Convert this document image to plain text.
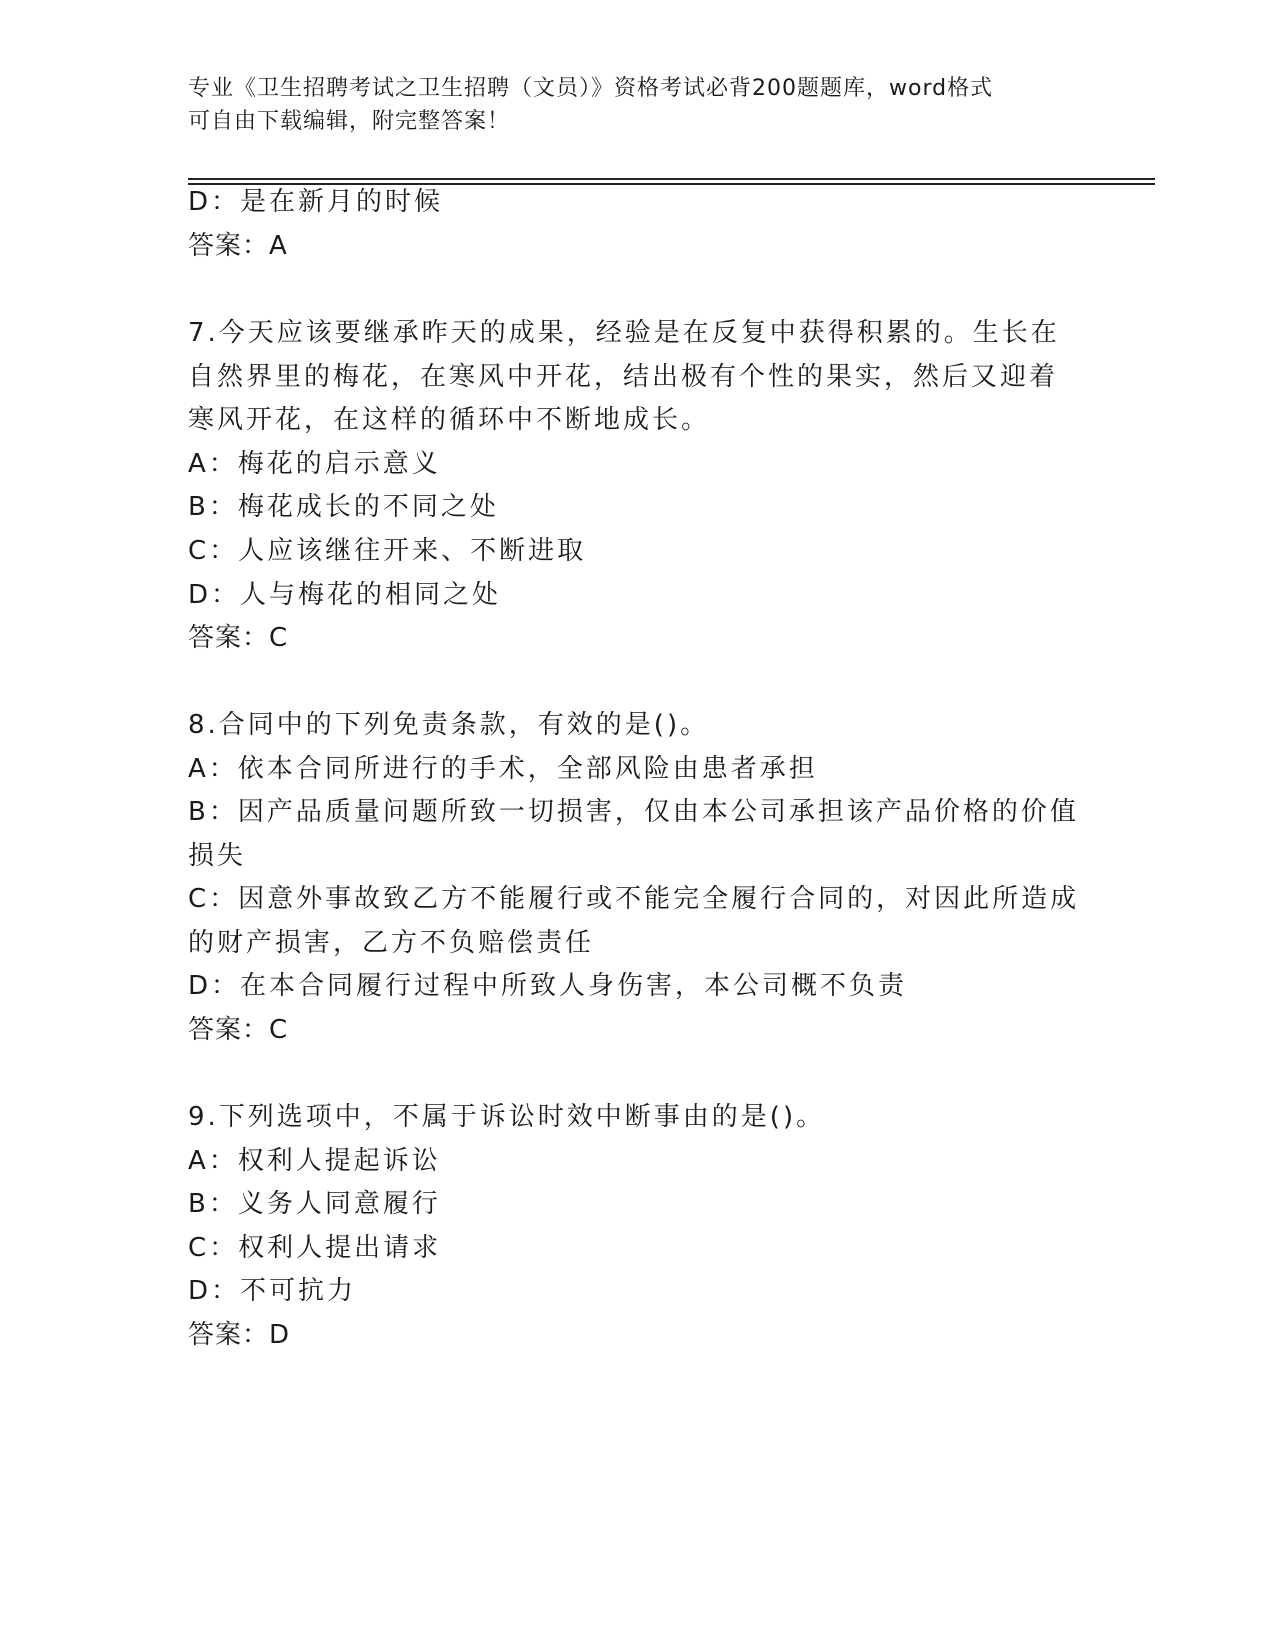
专业《卫生招聘考试之卫生招聘（文员）》资格考试必背200题题库，word格式
可自由下载编辑，附完整答案！
D：是在新月的时候
答案：A
7.今天应该要继承昨天的成果，经验是在反复中获得积累的。生长在
自然界里的梅花，在寒风中开花，结出极有个性的果实，然后又迎着
寒风开花，在这样的循环中不断地成长。
A：梅花的启示意义
B：梅花成长的不同之处
C：人应该继往开来、不断进取
D：人与梅花的相同之处
答案：C
8.合同中的下列免责条款，有效的是()。
A：依本合同所进行的手术，全部风险由患者承担
B：因产品质量问题所致一切损害，仅由本公司承担该产品价格的价值
损失
C：因意外事故致乙方不能履行或不能完全履行合同的，对因此所造成
的财产损害，乙方不负赔偿责任
D：在本合同履行过程中所致人身伤害，本公司概不负责
答案：C
9.下列选项中，不属于诉讼时效中断事由的是()。
A：权利人提起诉讼
B：义务人同意履行
C：权利人提出请求
D：不可抗力
答案：D
